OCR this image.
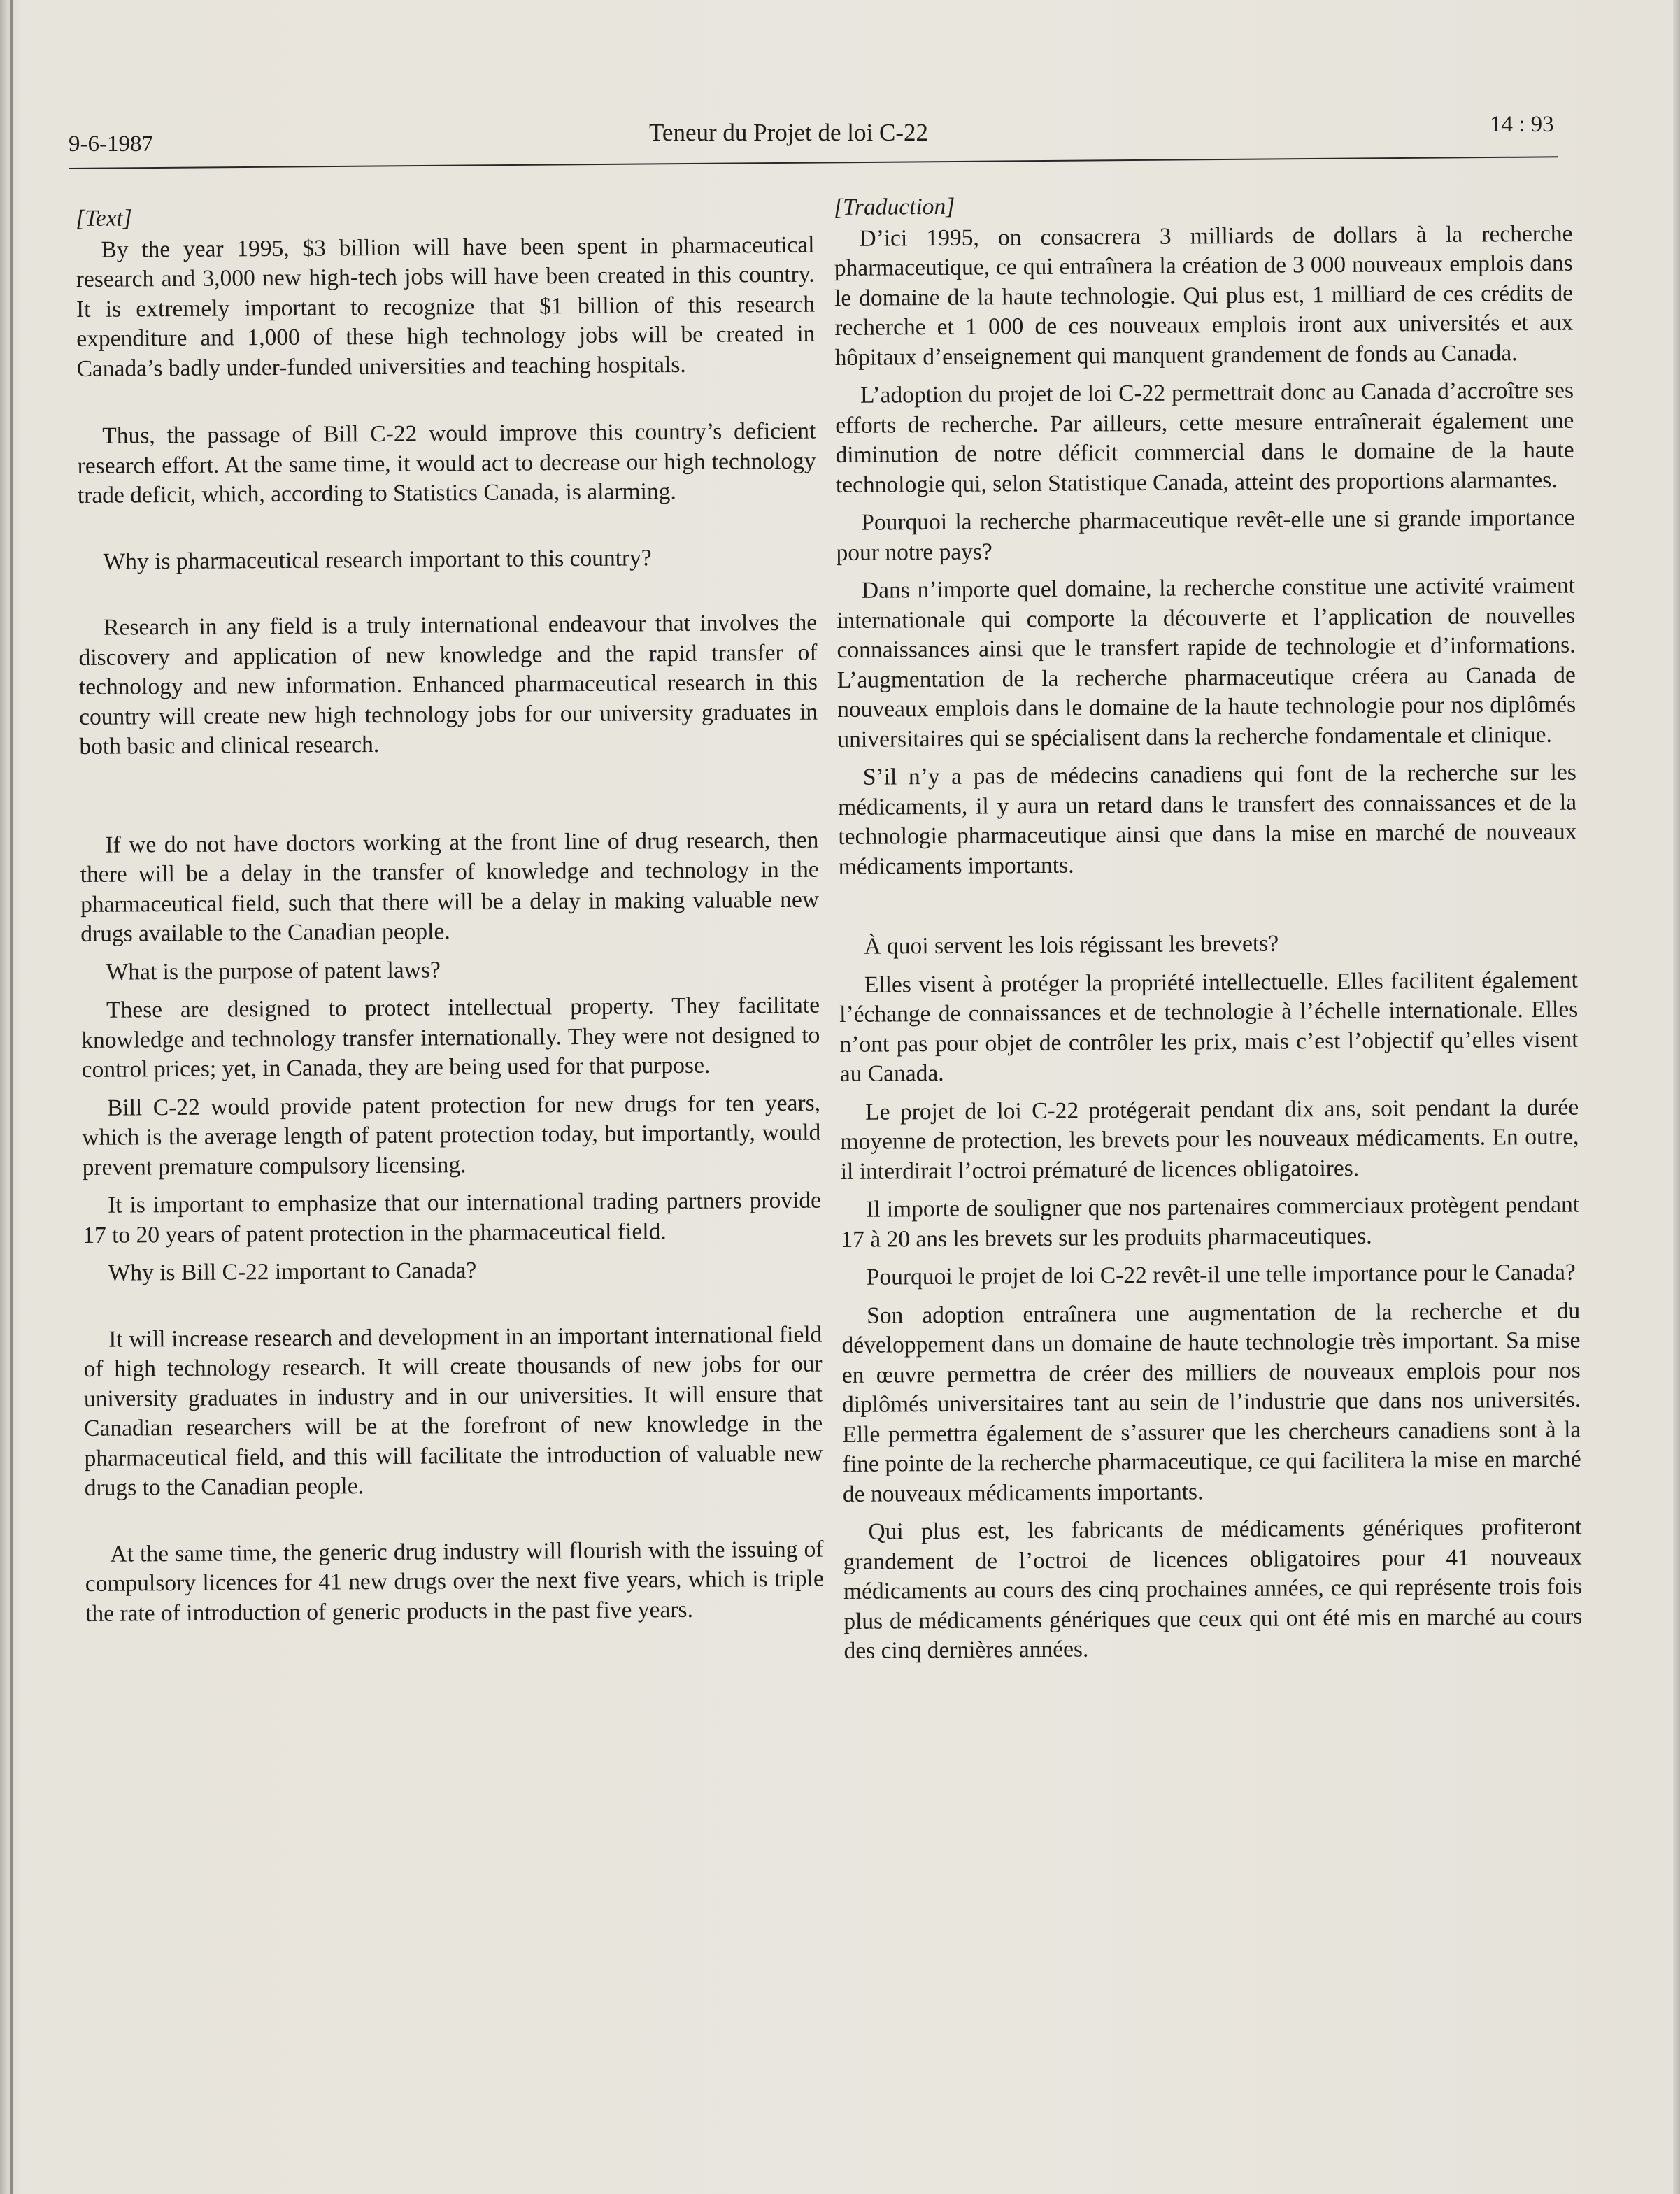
9-6-1987	Teneur du Projet de loi C-22	14 : 93

[Text]

By the year 1995, $3 billion will have been spent in pharmaceutical research and 3,000 new high-tech jobs will have been created in this country. It is extremely important to recognize that $1 billion of this research expenditure and 1,000 of these high technology jobs will be created in Canada’s badly under-funded universities and teaching hospitals.

Thus, the passage of Bill C-22 would improve this country’s deficient research effort. At the same time, it would act to decrease our high technology trade deficit, which, according to Statistics Canada, is alarming.

Why is pharmaceutical research important to this country?

Research in any field is a truly international endeavour that involves the discovery and application of new knowledge and the rapid transfer of technology and new information. Enhanced pharmaceutical research in this country will create new high technology jobs for our university graduates in both basic and clinical research.

If we do not have doctors working at the front line of drug research, then there will be a delay in the transfer of knowledge and technology in the pharmaceutical field, such that there will be a delay in making valuable new drugs available to the Canadian people.

What is the purpose of patent laws?

These are designed to protect intellectual property. They facilitate knowledge and technology transfer internationally. They were not designed to control prices; yet, in Canada, they are being used for that purpose.

Bill C-22 would provide patent protection for new drugs for ten years, which is the average length of patent protection today, but importantly, would prevent premature compulsory licensing.

It is important to emphasize that our international trading partners provide 17 to 20 years of patent protection in the pharmaceutical field.

Why is Bill C-22 important to Canada?

It will increase research and development in an important international field of high technology research. It will create thousands of new jobs for our university graduates in industry and in our universities. It will ensure that Canadian researchers will be at the forefront of new knowledge in the pharmaceutical field, and this will facilitate the introduction of valuable new drugs to the Canadian people.

At the same time, the generic drug industry will flourish with the issuing of compulsory licences for 41 new drugs over the next five years, which is triple the rate of introduction of generic products in the past five years.

[Traduction]

D’ici 1995, on consacrera 3 milliards de dollars à la recherche pharmaceutique, ce qui entraînera la création de 3 000 nouveaux emplois dans le domaine de la haute technologie. Qui plus est, 1 milliard de ces crédits de recherche et 1 000 de ces nouveaux emplois iront aux universités et aux hôpitaux d’enseignement qui manquent grandement de fonds au Canada.

L’adoption du projet de loi C-22 permettrait donc au Canada d’accroître ses efforts de recherche. Par ailleurs, cette mesure entraînerait également une diminution de notre déficit commercial dans le domaine de la haute technologie qui, selon Statistique Canada, atteint des proportions alarmantes.

Pourquoi la recherche pharmaceutique revêt-elle une si grande importance pour notre pays?

Dans n’importe quel domaine, la recherche constitue une activité vraiment internationale qui comporte la découverte et l’application de nouvelles connaissances ainsi que le transfert rapide de technologie et d’informations. L’augmentation de la recherche pharmaceutique créera au Canada de nouveaux emplois dans le domaine de la haute technologie pour nos diplômés universitaires qui se spécialisent dans la recherche fondamentale et clinique.

S’il n’y a pas de médecins canadiens qui font de la recherche sur les médicaments, il y aura un retard dans le transfert des connaissances et de la technologie pharmaceutique ainsi que dans la mise en marché de nouveaux médicaments importants.

À quoi servent les lois régissant les brevets?

Elles visent à protéger la propriété intellectuelle. Elles facilitent également l’échange de connaissances et de technologie à l’échelle internationale. Elles n’ont pas pour objet de contrôler les prix, mais c’est l’objectif qu’elles visent au Canada.

Le projet de loi C-22 protégerait pendant dix ans, soit pendant la durée moyenne de protection, les brevets pour les nouveaux médicaments. En outre, il interdirait l’octroi prématuré de licences obligatoires.

Il importe de souligner que nos partenaires commerciaux protègent pendant 17 à 20 ans les brevets sur les produits pharmaceutiques.

Pourquoi le projet de loi C-22 revêt-il une telle importance pour le Canada?

Son adoption entraînera une augmentation de la recherche et du développement dans un domaine de haute technologie très important. Sa mise en œuvre permettra de créer des milliers de nouveaux emplois pour nos diplômés universitaires tant au sein de l’industrie que dans nos universités. Elle permettra également de s’assurer que les chercheurs canadiens sont à la fine pointe de la recherche pharmaceutique, ce qui facilitera la mise en marché de nouveaux médicaments importants.

Qui plus est, les fabricants de médicaments génériques profiteront grandement de l’octroi de licences obligatoires pour 41 nouveaux médicaments au cours des cinq prochaines années, ce qui représente trois fois plus de médicaments génériques que ceux qui ont été mis en marché au cours des cinq dernières années.
